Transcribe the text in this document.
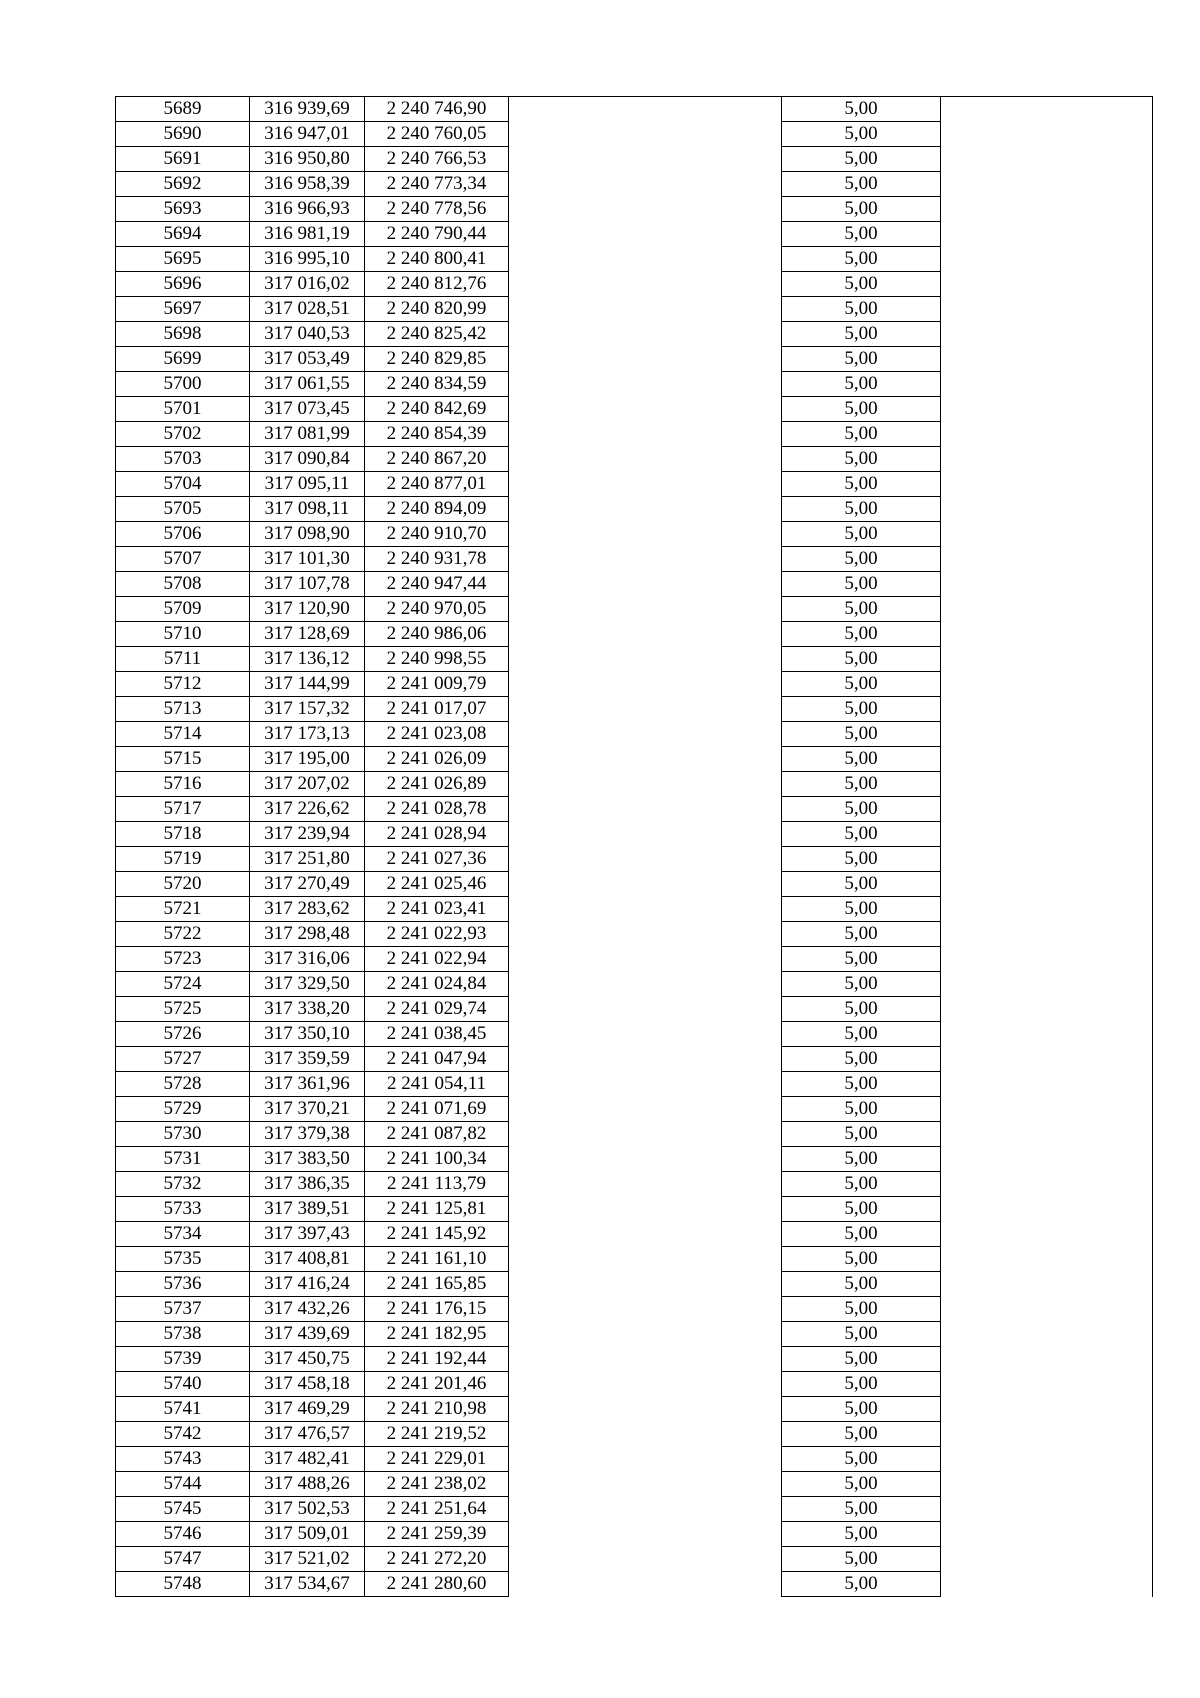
5689	316 939,69	2 240 746,90		5,00	
5690	316 947,01	2 240 760,05		5,00	
5691	316 950,80	2 240 766,53		5,00	
5692	316 958,39	2 240 773,34		5,00	
5693	316 966,93	2 240 778,56		5,00	
5694	316 981,19	2 240 790,44		5,00	
5695	316 995,10	2 240 800,41		5,00	
5696	317 016,02	2 240 812,76		5,00	
5697	317 028,51	2 240 820,99		5,00	
5698	317 040,53	2 240 825,42		5,00	
5699	317 053,49	2 240 829,85		5,00	
5700	317 061,55	2 240 834,59		5,00	
5701	317 073,45	2 240 842,69		5,00	
5702	317 081,99	2 240 854,39		5,00	
5703	317 090,84	2 240 867,20		5,00	
5704	317 095,11	2 240 877,01		5,00	
5705	317 098,11	2 240 894,09		5,00	
5706	317 098,90	2 240 910,70		5,00	
5707	317 101,30	2 240 931,78		5,00	
5708	317 107,78	2 240 947,44		5,00	
5709	317 120,90	2 240 970,05		5,00	
5710	317 128,69	2 240 986,06		5,00	
5711	317 136,12	2 240 998,55		5,00	
5712	317 144,99	2 241 009,79		5,00	
5713	317 157,32	2 241 017,07		5,00	
5714	317 173,13	2 241 023,08		5,00	
5715	317 195,00	2 241 026,09		5,00	
5716	317 207,02	2 241 026,89		5,00	
5717	317 226,62	2 241 028,78		5,00	
5718	317 239,94	2 241 028,94		5,00	
5719	317 251,80	2 241 027,36		5,00	
5720	317 270,49	2 241 025,46		5,00	
5721	317 283,62	2 241 023,41		5,00	
5722	317 298,48	2 241 022,93		5,00	
5723	317 316,06	2 241 022,94		5,00	
5724	317 329,50	2 241 024,84		5,00	
5725	317 338,20	2 241 029,74		5,00	
5726	317 350,10	2 241 038,45		5,00	
5727	317 359,59	2 241 047,94		5,00	
5728	317 361,96	2 241 054,11		5,00	
5729	317 370,21	2 241 071,69		5,00	
5730	317 379,38	2 241 087,82		5,00	
5731	317 383,50	2 241 100,34		5,00	
5732	317 386,35	2 241 113,79		5,00	
5733	317 389,51	2 241 125,81		5,00	
5734	317 397,43	2 241 145,92		5,00	
5735	317 408,81	2 241 161,10		5,00	
5736	317 416,24	2 241 165,85		5,00	
5737	317 432,26	2 241 176,15		5,00	
5738	317 439,69	2 241 182,95		5,00	
5739	317 450,75	2 241 192,44		5,00	
5740	317 458,18	2 241 201,46		5,00	
5741	317 469,29	2 241 210,98		5,00	
5742	317 476,57	2 241 219,52		5,00	
5743	317 482,41	2 241 229,01		5,00	
5744	317 488,26	2 241 238,02		5,00	
5745	317 502,53	2 241 251,64		5,00	
5746	317 509,01	2 241 259,39		5,00	
5747	317 521,02	2 241 272,20		5,00	
5748	317 534,67	2 241 280,60		5,00	
